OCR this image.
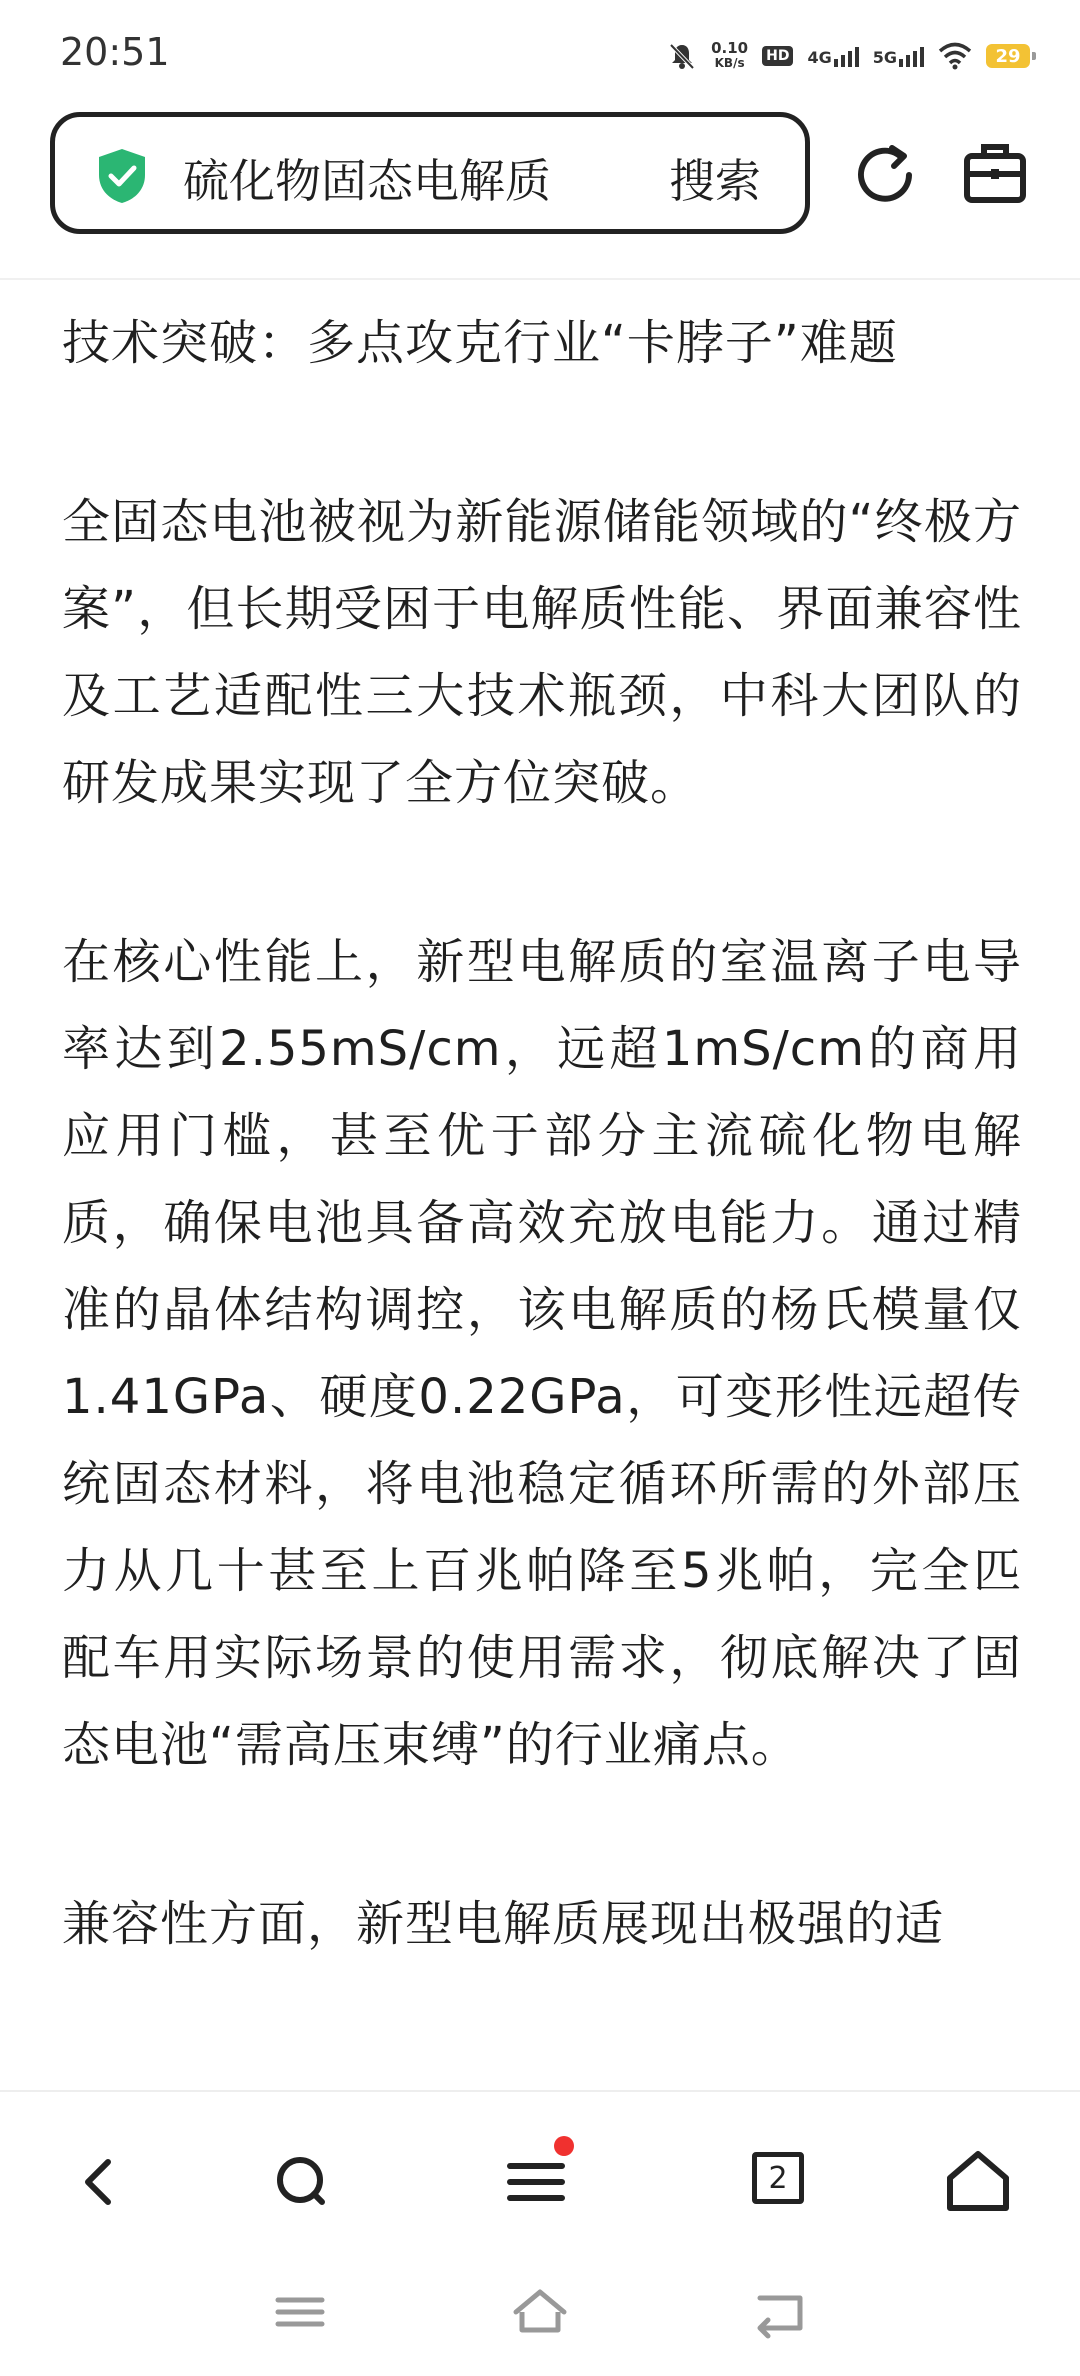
20:51	0.10
KB/s HD 4G	5G	29
硫化物固态电解质	搜索

技术突破：多点攻克行业“卡脖子”难题

全固态电池被视为新能源储能领域的“终极方案”，但长期受困于电解质性能、界面兼容性及工艺适配性三大技术瓶颈，中科大团队的研发成果实现了全方位突破。

在核心性能上，新型电解质的室温离子电导率达到2.55mS/cm，远超1mS/cm的商用应用门槛，甚至优于部分主流硫化物电解质，确保电池具备高效充放电能力。通过精准的晶体结构调控，该电解质的杨氏模量仅1.41GPa、硬度0.22GPa，可变形性远超传统固态材料，将电池稳定循环所需的外部压力从几十甚至上百兆帕降至5兆帕，完全匹配车用实际场景的使用需求，彻底解决了固态电池“需高压束缚”的行业痛点。

兼容性方面，新型电解质展现出极强的适

2
